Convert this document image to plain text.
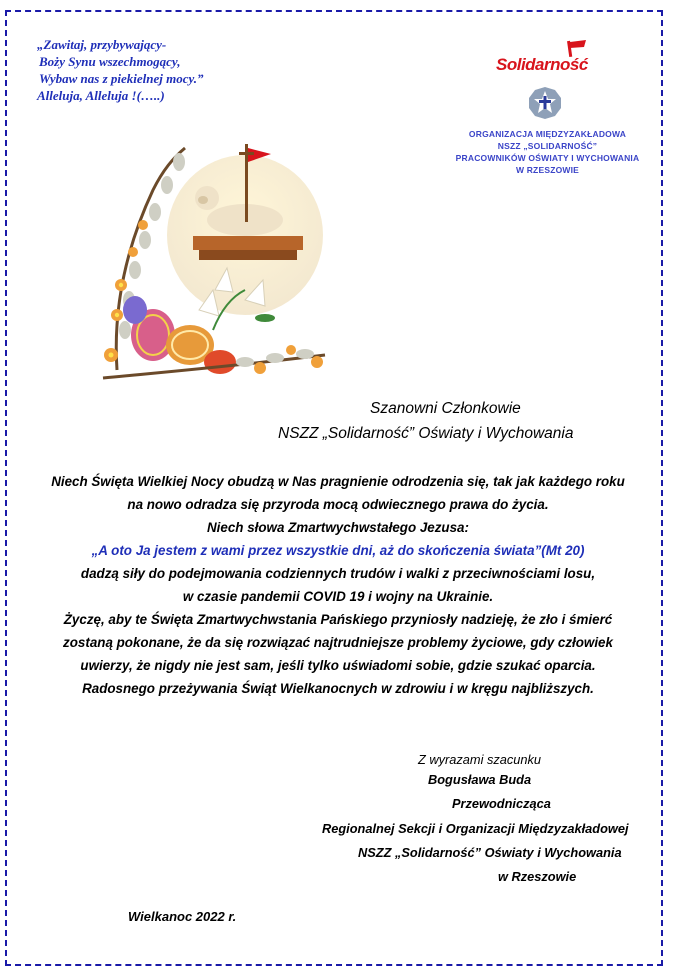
„Zawitaj, przybywający-
Boży Synu wszechmogący,
Wybaw nas z piekielnej mocy.”
Alleluja, Alleluja !(…..)
Solidarność
ORGANIZACJA MIĘDZYZAKŁADOWA
NSZZ „SOLIDARNOŚĆ”
PRACOWNIKÓW OŚWIATY I WYCHOWANIA
W RZESZOWIE
Szanowni Członkowie
NSZZ „Solidarność” Oświaty i Wychowania
Niech Święta Wielkiej Nocy obudzą w Nas pragnienie odrodzenia się, tak jak każdego roku
na nowo odradza się przyroda mocą odwiecznego prawa do życia.
Niech słowa Zmartwychwstałego Jezusa:
„A oto Ja jestem z wami przez wszystkie dni, aż do skończenia świata”(Mt 20)
dadzą siły do podejmowania codziennych trudów i walki z przeciwnościami losu,
w czasie pandemii COVID 19 i wojny na Ukrainie.
Życzę, aby te Święta Zmartwychwstania Pańskiego przyniosły nadzieję, że zło i śmierć
zostaną pokonane, że da się rozwiązać najtrudniejsze problemy życiowe, gdy człowiek
uwierzy, że nigdy nie jest sam, jeśli tylko uświadomi sobie, gdzie szukać oparcia.
Radosnego przeżywania Świąt Wielkanocnych w zdrowiu i w kręgu najbliższych.
Z wyrazami szacunku
Bogusława Buda
Przewodnicząca
Regionalnej Sekcji i Organizacji Międzyzakładowej
NSZZ „Solidarność” Oświaty i Wychowania
w Rzeszowie
Wielkanoc 2022 r.
